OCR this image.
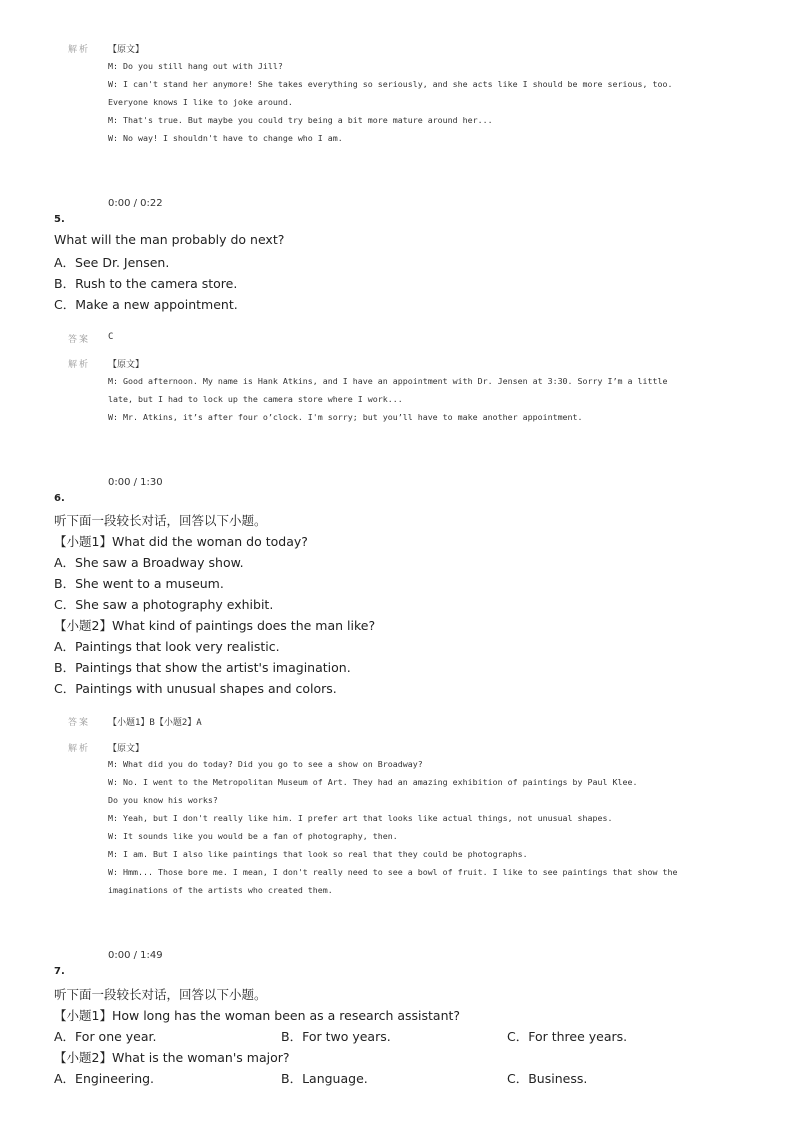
解析 【原文】
M: Do you still hang out with Jill?
W: I can't stand her anymore! She takes everything so seriously, and she acts like I should be more serious, too.
Everyone knows I like to joke around.
M: That's true. But maybe you could try being a bit more mature around her...
W: No way! I shouldn't have to change who I am.
0:00 / 0:22
5.
What will the man probably do next?
A．See Dr. Jensen.
B．Rush to the camera store.
C．Make a new appointment.
答案 C
解析 【原文】
M: Good afternoon. My name is Hank Atkins, and I have an appointment with Dr. Jensen at 3:30. Sorry I’m a little
late, but I had to lock up the camera store where I work...
W: Mr. Atkins, it’s after four o’clock. I'm sorry; but you’ll have to make another appointment.
0:00 / 1:30
6.
听下面一段较长对话，回答以下小题。
【小题1】What did the woman do today?
A．She saw a Broadway show.
B．She went to a museum.
C．She saw a photography exhibit.
【小题2】What kind of paintings does the man like?
A．Paintings that look very realistic.
B．Paintings that show the artist's imagination.
C．Paintings with unusual shapes and colors.
答案 【小题1】B【小题2】A
解析 【原文】
M: What did you do today? Did you go to see a show on Broadway?
W: No. I went to the Metropolitan Museum of Art. They had an amazing exhibition of paintings by Paul Klee.
Do you know his works?
M: Yeah, but I don't really like him. I prefer art that looks like actual things, not unusual shapes.
W: It sounds like you would be a fan of photography, then.
M: I am. But I also like paintings that look so real that they could be photographs.
W: Hmm... Those bore me. I mean, I don't really need to see a bowl of fruit. I like to see paintings that show the
imaginations of the artists who created them.
0:00 / 1:49
7.
听下面一段较长对话，回答以下小题。
【小题1】How long has the woman been as a research assistant?
A．For one year.	B．For two years.	C．For three years.
【小题2】What is the woman's major?
A．Engineering.	B．Language.	C．Business.
